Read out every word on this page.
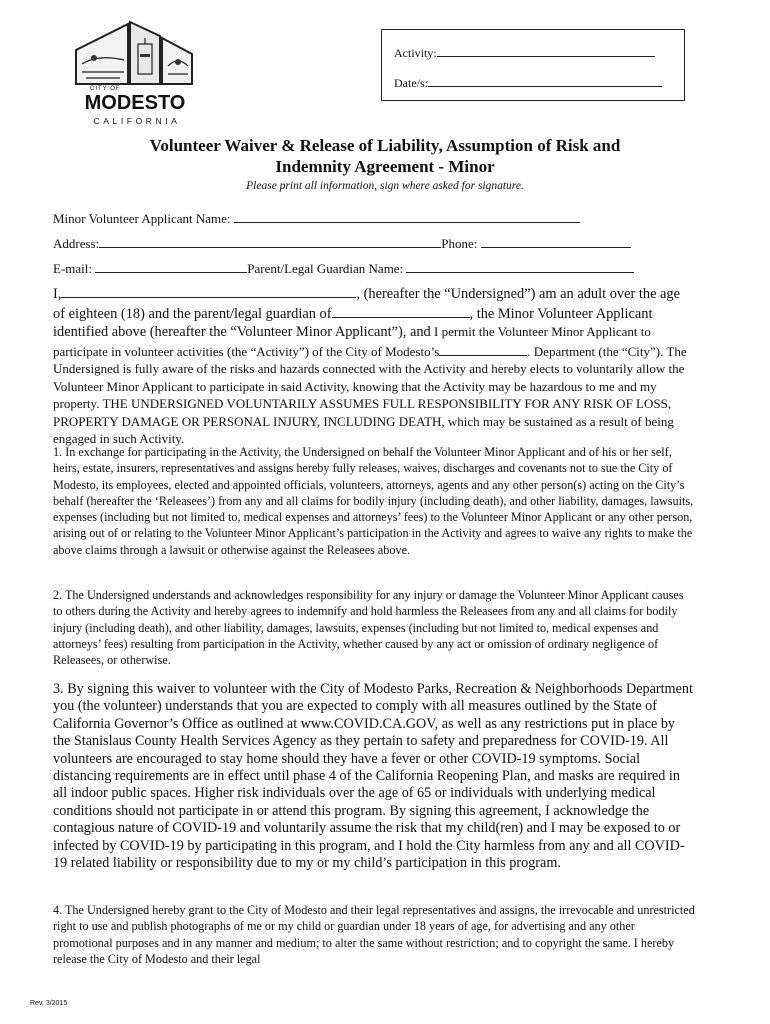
CITY OF
MODESTO
CALIFORNIA
Activity:
Date/s:
Volunteer Waiver & Release of Liability, Assumption of Risk and
Indemnity Agreement - Minor
Please print all information, sign where asked for signature.
Minor Volunteer Applicant Name:
Address:	Phone:
E-mail:	Parent/Legal Guardian Name:

I,	, (hereafter the “Undersigned”) am an adult over the age of eighteen (18) and the parent/legal guardian of	, the Minor Volunteer Applicant identified above (hereafter the “Volunteer Minor Applicant”), and I permit the Volunteer Minor Applicant to participate in volunteer activities (the “Activity”) of the City of Modesto’s	. Department (the “City”). The Undersigned is fully aware of the risks and hazards connected with the Activity and hereby elects to voluntarily allow the Volunteer Minor Applicant to participate in said Activity, knowing that the Activity may be hazardous to me and my property. THE UNDERSIGNED VOLUNTARILY ASSUMES FULL RESPONSIBILITY FOR ANY RISK OF LOSS, PROPERTY DAMAGE OR PERSONAL INJURY, INCLUDING DEATH, which may be sustained as a result of being engaged in such Activity.

1. In exchange for participating in the Activity, the Undersigned on behalf the Volunteer Minor Applicant and of his or her self, heirs, estate, insurers, representatives and assigns hereby fully releases, waives, discharges and covenants not to sue the City of Modesto, its employees, elected and appointed officials, volunteers, attorneys, agents and any other person(s) acting on the City’s behalf (hereafter the ‘Releasees’) from any and all claims for bodily injury (including death), and other liability, damages, lawsuits, expenses (including but not limited to, medical expenses and attorneys’ fees) to the Volunteer Minor Applicant or any other person, arising out of or relating to the Volunteer Minor Applicant’s participation in the Activity and agrees to waive any rights to make the above claims through a lawsuit or otherwise against the Releasees above.

2. The Undersigned understands and acknowledges responsibility for any injury or damage the Volunteer Minor Applicant causes to others during the Activity and hereby agrees to indemnify and hold harmless the Releasees from any and all claims for bodily injury (including death), and other liability, damages, lawsuits, expenses (including but not limited to, medical expenses and attorneys’ fees) resulting from participation in the Activity, whether caused by any act or omission of ordinary negligence of Releasees, or otherwise.

3. By signing this waiver to volunteer with the City of Modesto Parks, Recreation & Neighborhoods Department you (the volunteer) understands that you are expected to comply with all measures outlined by the State of California Governor’s Office as outlined at www.COVID.CA.GOV, as well as any restrictions put in place by the Stanislaus County Health Services Agency as they pertain to safety and preparedness for COVID-19. All volunteers are encouraged to stay home should they have a fever or other COVID-19 symptoms. Social distancing requirements are in effect until phase 4 of the California Reopening Plan, and masks are required in all indoor public spaces. Higher risk individuals over the age of 65 or individuals with underlying medical conditions should not participate in or attend this program. By signing this agreement, I acknowledge the contagious nature of COVID-19 and voluntarily assume the risk that my child(ren) and I may be exposed to or infected by COVID-19 by participating in this program, and I hold the City harmless from any and all COVID-19 related liability or responsibility due to my or my child’s participation in this program.

4. The Undersigned hereby grant to the City of Modesto and their legal representatives and assigns, the irrevocable and unrestricted right to use and publish photographs of me or my child or guardian under 18 years of age, for advertising and any other promotional purposes and in any manner and medium; to alter the same without restriction; and to copyright the same. I hereby release the City of Modesto and their legal

Rev. 3/2015
